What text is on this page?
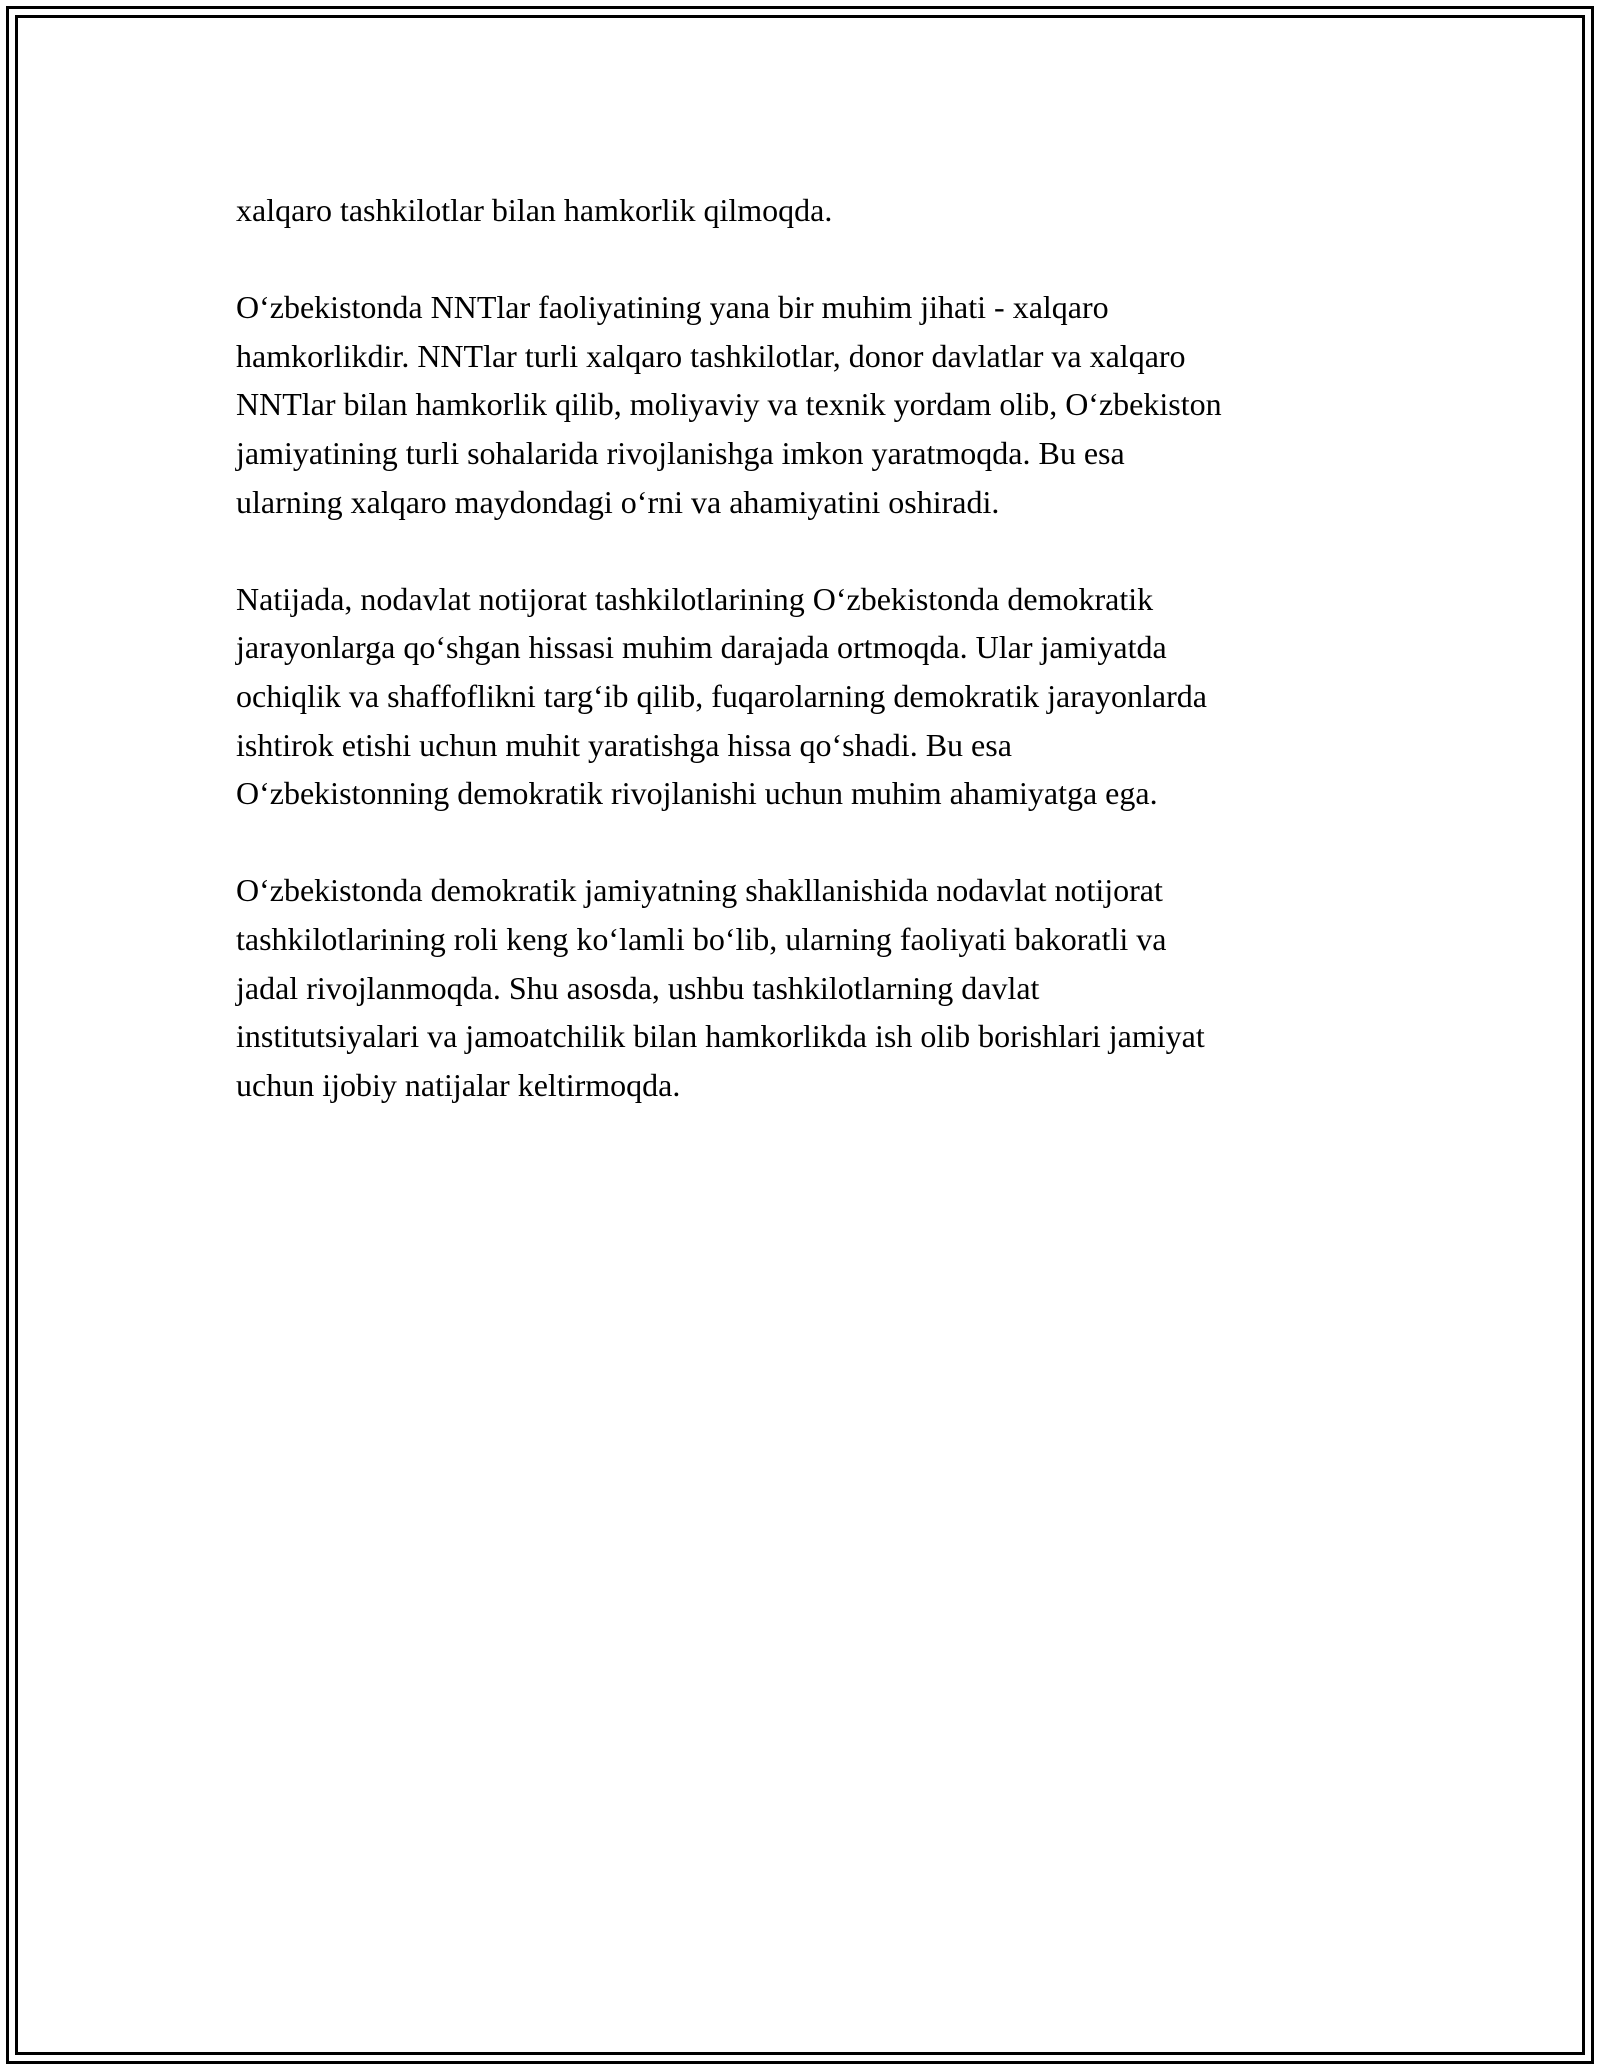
xalqaro tashkilotlar bilan hamkorlik qilmoqda.

O‘zbekistonda NNTlar faoliyatining yana bir muhim jihati - xalqaro
hamkorlikdir. NNTlar turli xalqaro tashkilotlar, donor davlatlar va xalqaro
NNTlar bilan hamkorlik qilib, moliyaviy va texnik yordam olib, O‘zbekiston
jamiyatining turli sohalarida rivojlanishga imkon yaratmoqda. Bu esa
ularning xalqaro maydondagi o‘rni va ahamiyatini oshiradi.

Natijada, nodavlat notijorat tashkilotlarining O‘zbekistonda demokratik
jarayonlarga qo‘shgan hissasi muhim darajada ortmoqda. Ular jamiyatda
ochiqlik va shaffoflikni targ‘ib qilib, fuqarolarning demokratik jarayonlarda
ishtirok etishi uchun muhit yaratishga hissa qo‘shadi. Bu esa
O‘zbekistonning demokratik rivojlanishi uchun muhim ahamiyatga ega.

O‘zbekistonda demokratik jamiyatning shakllanishida nodavlat notijorat
tashkilotlarining roli keng ko‘lamli bo‘lib, ularning faoliyati bakoratli va
jadal rivojlanmoqda. Shu asosda, ushbu tashkilotlarning davlat
institutsiyalari va jamoatchilik bilan hamkorlikda ish olib borishlari jamiyat
uchun ijobiy natijalar keltirmoqda.
